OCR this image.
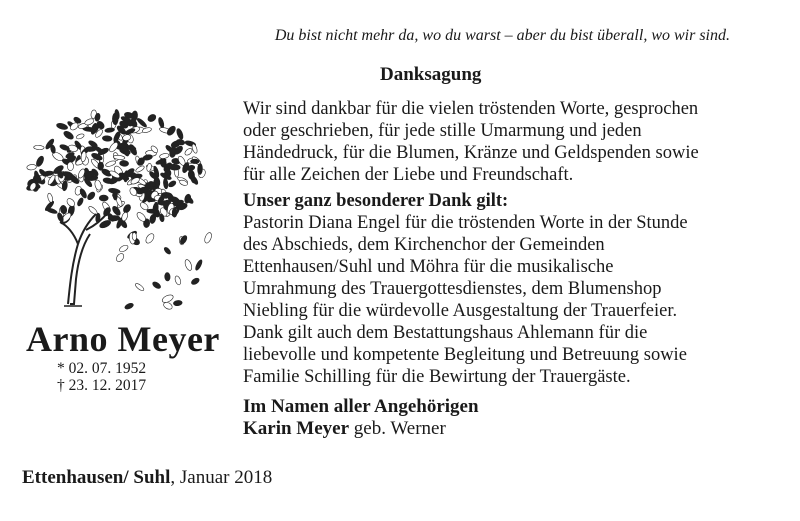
Du bist nicht mehr da, wo du warst – aber du bist überall, wo wir sind.
Danksagung
Wir sind dankbar für die vielen tröstenden Worte, gesprochen
oder geschrieben, für jede stille Umarmung und jeden
Händedruck, für die Blumen, Kränze und Geldspenden sowie
für alle Zeichen der Liebe und Freundschaft.
Unser ganz besonderer Dank gilt:
Pastorin Diana Engel für die tröstenden Worte in der Stunde
des Abschieds, dem Kirchenchor der Gemeinden
Ettenhausen/Suhl und Möhra für die musikalische
Umrahmung des Trauergottesdienstes, dem Blumenshop
Niebling für die würdevolle Ausgestaltung der Trauerfeier.
Dank gilt auch dem Bestattungshaus Ahlemann für die
liebevolle und kompetente Begleitung und Betreuung sowie
Familie Schilling für die Bewirtung der Trauergäste.
Im Namen aller Angehörigen
Karin Meyer geb. Werner
Arno Meyer
* 02. 07. 1952
† 23. 12. 2017
Ettenhausen/ Suhl, Januar 2018
